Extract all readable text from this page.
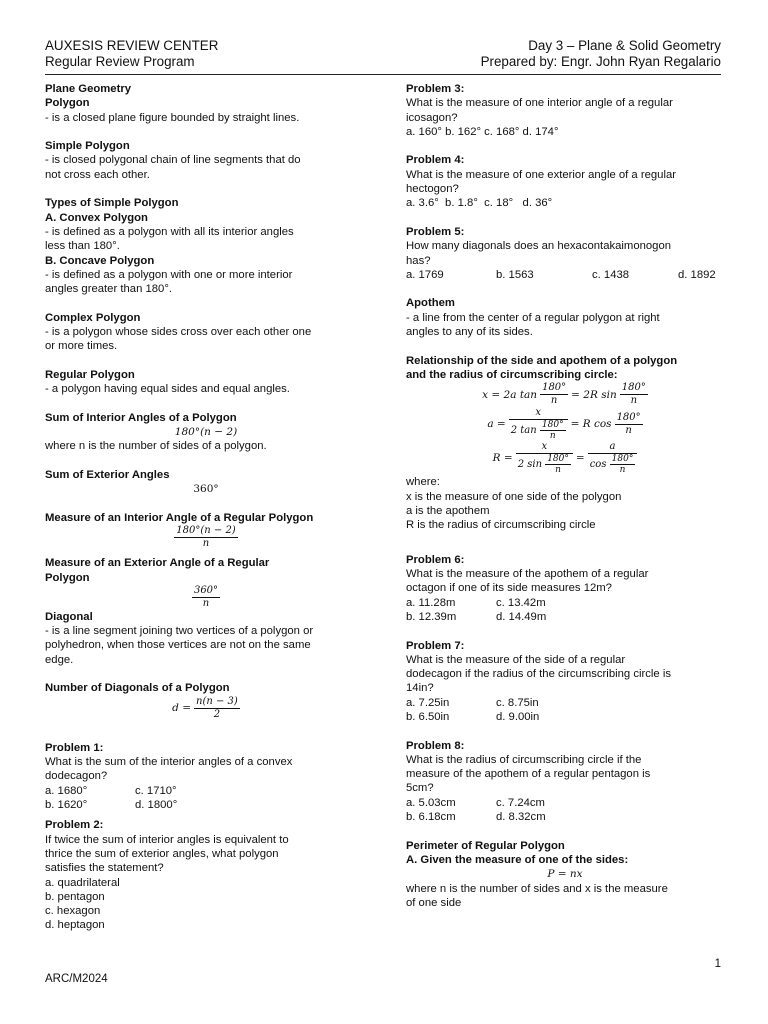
AUXESIS REVIEW CENTER
Regular Review Program
Day 3 – Plane & Solid Geometry
Prepared by: Engr. John Ryan Regalario

Plane Geometry

Polygon

- is a closed plane figure bounded by straight lines.

Simple Polygon

- is closed polygonal chain of line segments that do

not cross each other.

Types of Simple Polygon

A. Convex Polygon

- is defined as a polygon with all its interior angles

less than 180°.

B. Concave Polygon

- is defined as a polygon with one or more interior

angles greater than 180°.

Complex Polygon

- is a polygon whose sides cross over each other one

or more times.

Regular Polygon

- a polygon having equal sides and equal angles.

Sum of Interior Angles of a Polygon

180°(n − 2)

where n is the number of sides of a polygon.

Sum of Exterior Angles

360°

Measure of an Interior Angle of a Regular Polygon

$\frac{180^\circ(n - 2)}{n}$

Measure of an Exterior Angle of a Regular

Polygon

$\frac{360^\circ}{n}$

Diagonal

- is a line segment joining two vertices of a polygon or

polyhedron, when those vertices are not on the same

edge.

Number of Diagonals of a Polygon

$d = \frac{n(n - 3)}{2}$

Problem 1:

What is the sum of the interior angles of a convex

dodecagon?

a. 1680°	c. 1710°
b. 1620°	d. 1800°

Problem 2:

If twice the sum of interior angles is equivalent to

thrice the sum of exterior angles, what polygon

satisfies the statement?

a. quadrilateral

b. pentagon

c. hexagon

d. heptagon

Problem 3:

What is the measure of one interior angle of a regular

icosagon?

a. 160° b. 162° c. 168° d. 174°

Problem 4:

What is the measure of one exterior angle of a regular

hectogon?

a. 3.6°  b. 1.8°  c. 18°   d. 36°

Problem 5:

How many diagonals does an hexacontakaimonogon

has?

a. 1769	b. 1563	c. 1438	d. 1892

Apothem

- a line from the center of a regular polygon at right

angles to any of its sides.

Relationship of the side and apothem of a polygon

and the radius of circumscribing circle:

x = 2a $\tan \frac{180^\circ}{n} = 2R$ $\sin \frac{180^\circ}{n}$
$a = \frac{x}{2 \tan \frac{180^\circ}{n}} = R$ $\cos \frac{180^\circ}{n}$
$R = \frac{x}{2 \sin \frac{180^\circ}{n}} = \frac{a}{\cos \frac{180^\circ}{n}}$

where:

x is the measure of one side of the polygon

a is the apothem

R is the radius of circumscribing circle

Problem 6:

What is the measure of the apothem of a regular

octagon if one of its side measures 12m?

a. 11.28m	c. 13.42m
b. 12.39m	d. 14.49m

Problem 7:

What is the measure of the side of a regular

dodecagon if the radius of the circumscribing circle is

14in?

a. 7.25in	c. 8.75in
b. 6.50in	d. 9.00in

Problem 8:

What is the radius of circumscribing circle if the

measure of the apothem of a regular pentagon is

5cm?

a. 5.03cm	c. 7.24cm
b. 6.18cm	d. 8.32cm

Perimeter of Regular Polygon

A. Given the measure of one of the sides:

P = nx

where n is the number of sides and x is the measure

of one side

1
ARC/M2024
